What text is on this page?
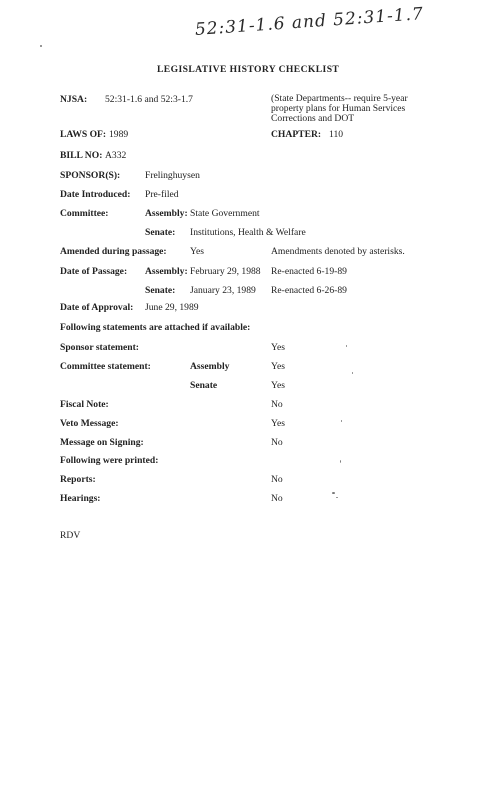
52:31-1.6 and 52:31-1.7
LEGISLATIVE HISTORY CHECKLIST
NJSA: 52:31-1.6 and 52:3-1.7	(State Departments-- require 5-year property plans for Human Services Corrections and DOT
LAWS OF: 1989	CHAPTER: 110
BILL NO: A332
SPONSOR(S):	Frelinghuysen
Date Introduced: Pre-filed
Committee:	Assembly: State Government
Senate: Institutions, Health & Welfare
Amended during passage: Yes	Amendments denoted by asterisks.
Date of Passage: Assembly: February 29, 1988 Re-enacted 6-19-89
Senate: January 23, 1989 Re-enacted 6-26-89
Date of Approval: June 29, 1989
Following statements are attached if available:
Sponsor statement:	Yes
Committee statement:	Assembly	Yes
Senate	Yes
Fiscal Note:	No
Veto Message:	Yes
Message on Signing:	No
Following were printed:
Reports:	No
Hearings:	No
RDV
